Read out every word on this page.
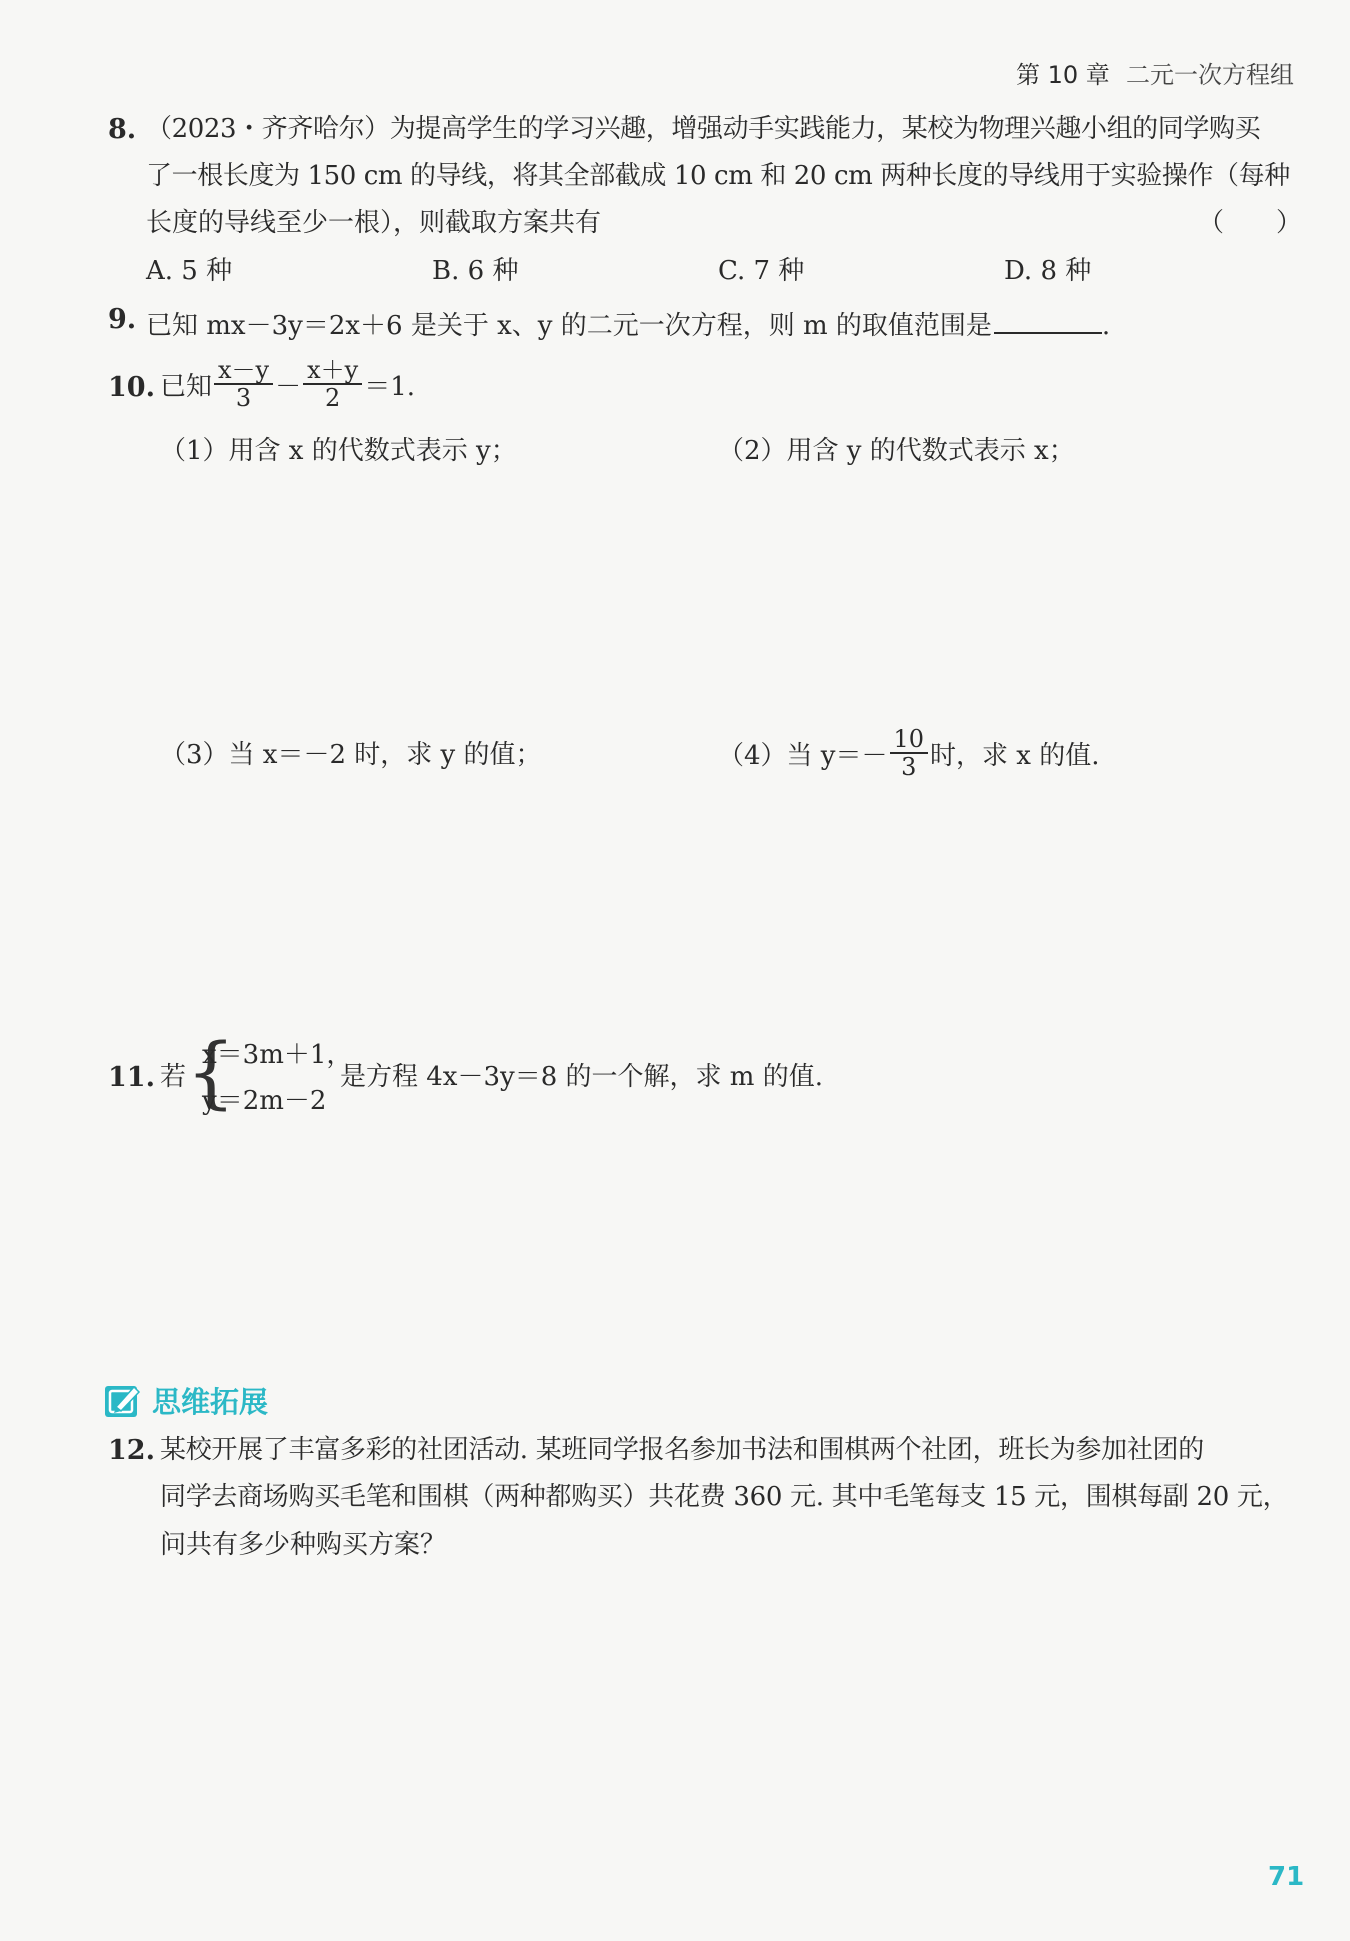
第 10 章 二元一次方程组
8. （2023・齐齐哈尔）为提高学生的学习兴趣，增强动手实践能力，某校为物理兴趣小组的同学购买
了一根长度为 150 cm 的导线，将其全部截成 10 cm 和 20 cm 两种长度的导线用于实验操作（每种
长度的导线至少一根），则截取方案共有	（　　）
A. 5 种	B. 6 种	C. 7 种	D. 8 种
9. 已知 mx－3y＝2x＋6 是关于 x、y 的二元一次方程，则 m 的取值范围是	.
10. 已知 $\frac{x-y}{3} - \frac{x+y}{2} =1$.
（1）用含 x 的代数式表示 y；	（2）用含 y 的代数式表示 x；
（3）当 x＝－2 时，求 y 的值；	（4）当 $y=- \frac{10}{3}$ 时，求 x 的值.
11. 若 {
x＝3m＋1，
y＝2m－2
是方程 4x－3y＝8 的一个解，求 m 的值.
思维拓展
12. 某校开展了丰富多彩的社团活动. 某班同学报名参加书法和围棋两个社团，班长为参加社团的
同学去商场购买毛笔和围棋（两种都购买）共花费 360 元. 其中毛笔每支 15 元，围棋每副 20 元，
问共有多少种购买方案？
71
